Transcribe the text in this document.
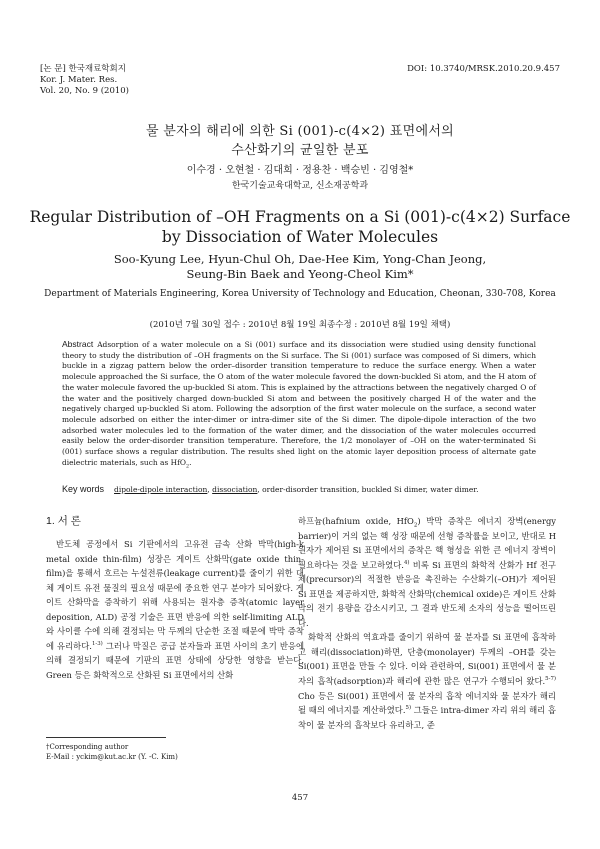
[논 문] 한국재료학회지
Kor. J. Mater. Res.
Vol. 20, No. 9 (2010)
DOI: 10.3740/MRSK.2010.20.9.457
물 분자의 해리에 의한 Si (001)-c(4×2) 표면에서의
수산화기의 균일한 분포
이수경 · 오현철 · 김대희 · 정용찬 · 백승빈 · 김영철*
한국기술교육대학교, 신소재공학과
Regular Distribution of –OH Fragments on a Si (001)-c(4×2) Surface
by Dissociation of Water Molecules
Soo-Kyung Lee, Hyun-Chul Oh, Dae-Hee Kim, Yong-Chan Jeong,
Seung-Bin Baek and Yeong-Cheol Kim*
Department of Materials Engineering, Korea University of Technology and Education, Cheonan, 330-708, Korea
(2010년 7월 30일 접수 : 2010년 8월 19일 최종수정 : 2010년 8월 19일 채택)

Abstract Adsorption of a water molecule on a Si (001) surface and its dissociation were studied using density functional theory to study the distribution of –OH fragments on the Si surface. The Si (001) surface was composed of Si dimers, which buckle in a zigzag pattern below the order–disorder transition temperature to reduce the surface energy. When a water molecule approached the Si surface, the O atom of the water molecule favored the down-buckled Si atom, and the H atom of the water molecule favored the up-buckled Si atom. This is explained by the attractions between the negatively charged O of the water and the positively charged down-buckled Si atom and between the positively charged H of the water and the negatively charged up-buckled Si atom. Following the adsorption of the first water molecule on the surface, a second water molecule adsorbed on either the inter-dimer or intra-dimer site of the Si dimer. The dipole-dipole interaction of the two adsorbed water molecules led to the formation of the water dimer, and the dissociation of the water molecules occurred easily below the order-disorder transition temperature. Therefore, the 1/2 monolayer of –OH on the water-terminated Si (001) surface shows a regular distribution. The results shed light on the atomic layer deposition process of alternate gate dielectric materials, such as HfO$_2$.

Key words dipole-dipole interaction, dissociation, order-disorder transition, buckled Si dimer, water dimer.

1. 서 론

반도체 공정에서 Si 기판에서의 고유전 금속 산화 박막(high-k metal oxide thin-film) 성장은 게이트 산화막(gate oxide thin-film)을 통해서 흐르는 누설전류(leakage current)를 줄이기 위한 대체 게이트 유전 물질의 필요성 때문에 중요한 연구 분야가 되어왔다. 게이트 산화막을 증착하기 위해 사용되는 원자층 증착(atomic layer deposition, ALD) 공정 기술은 표면 반응에 의한 self-limiting ALD와 사이클 수에 의해 결정되는 막 두께의 단순한 조절 때문에 박막 증착에 유리하다.$^{1-3)}$ 그러나 막질은 공급 분자들과 표면 사이의 초기 반응에 의해 결정되기 때문에 기판의 표면 상태에 상당한 영향을 받는다. Green 등은 화학적으로 산화된 Si 표면에서의 산화

하프늄(hafnium oxide, HfO$_2$) 박막 증착은 에너지 장벽(energy barrier)이 거의 없는 핵 성장 때문에 선형 증착률을 보이고, 반대로 H 원자가 제어된 Si 표면에서의 증착은 핵 형성을 위한 큰 에너지 장벽이 필요하다는 것을 보고하였다.$^{4)}$ 비록 Si 표면의 화학적 산화가 Hf 전구체(precursor)의 적절한 반응을 촉진하는 수산화기(–OH)가 제어된 Si 표면을 제공하지만, 화학적 산화막(chemical oxide)은 게이트 산화막의 전기 용량을 감소시키고, 그 결과 반도체 소자의 성능을 떨어뜨린다.

화학적 산화의 역효과를 줄이기 위하여 물 분자를 Si 표면에 흡착하고 해리(dissociation)하면, 단층(monolayer) 두께의 –OH를 갖는 Si(001) 표면을 만들 수 있다. 이와 관련하여, Si(001) 표면에서 물 분자의 흡착(adsorption)과 해리에 관한 많은 연구가 수행되어 왔다.$^{5-7)}$ Cho 등은 Si(001) 표면에서 물 분자의 흡착 에너지와 물 분자가 해리될 때의 에너지를 계산하였다.$^{5)}$ 그들은 intra-dimer 자리 위의 해리 흡착이 물 분자의 흡착보다 유리하고, 준

†Corresponding author
E-Mail : yckim@kut.ac.kr (Y. -C. Kim)
457
